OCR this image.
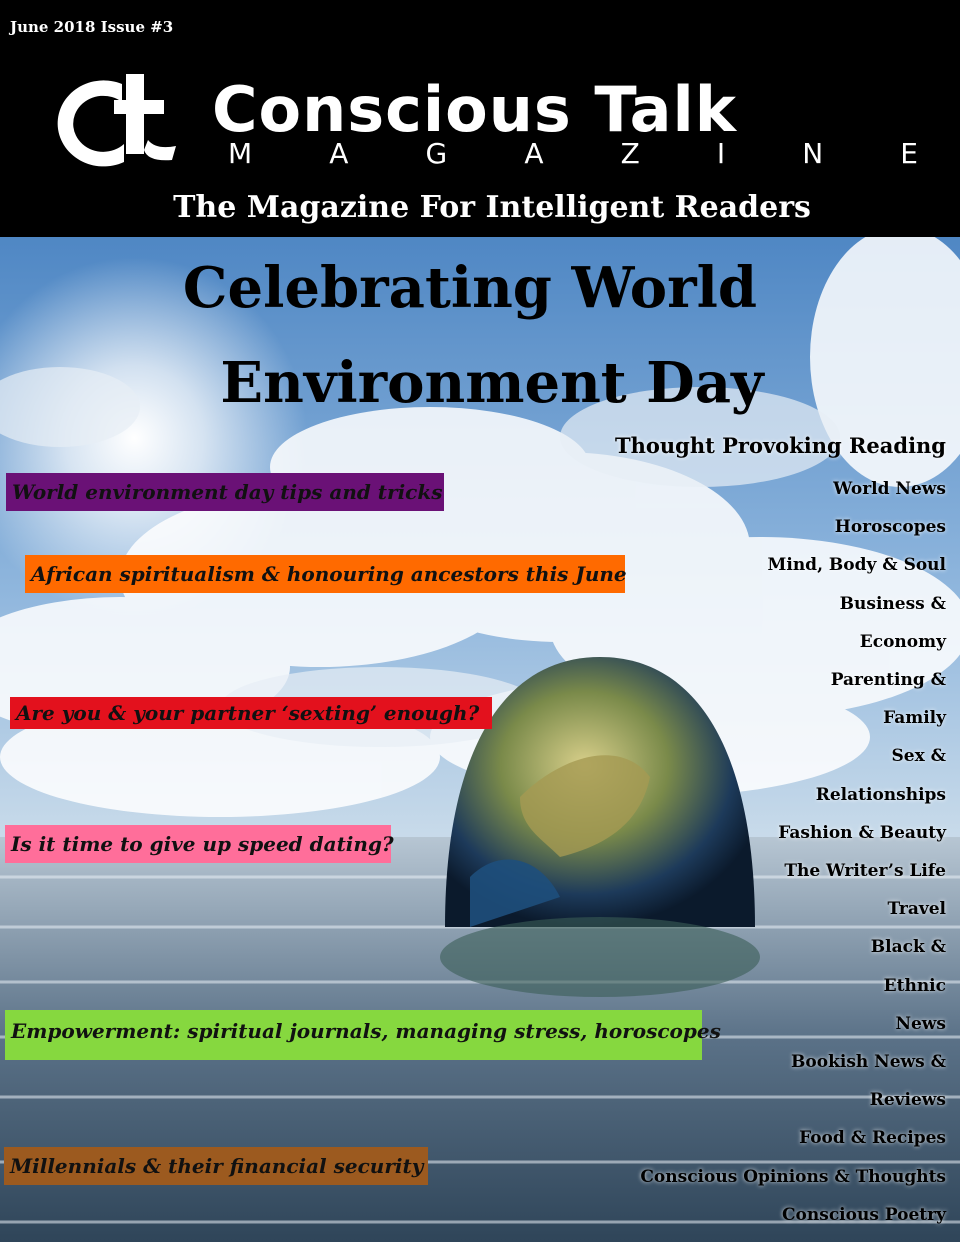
June 2018 Issue #3
Conscious Talk
M	A	G	A	Z	I	N	E
The Magazine For Intelligent Readers
Celebrating World
Environment Day
World environment day tips and tricks
African spiritualism & honouring ancestors this June
Are you & your partner ‘sexting’ enough?
Is it time to give up speed dating?
Empowerment: spiritual journals, managing stress, horoscopes
Millennials & their financial security
Thought Provoking Reading
World News
Horoscopes
Mind, Body & Soul
Business &
Economy
Parenting &
Family
Sex &
Relationships
Fashion & Beauty
The Writer’s Life
Travel
Black &
Ethnic
News
Bookish News &
Reviews
Food & Recipes
Conscious Opinions & Thoughts
Conscious Poetry
